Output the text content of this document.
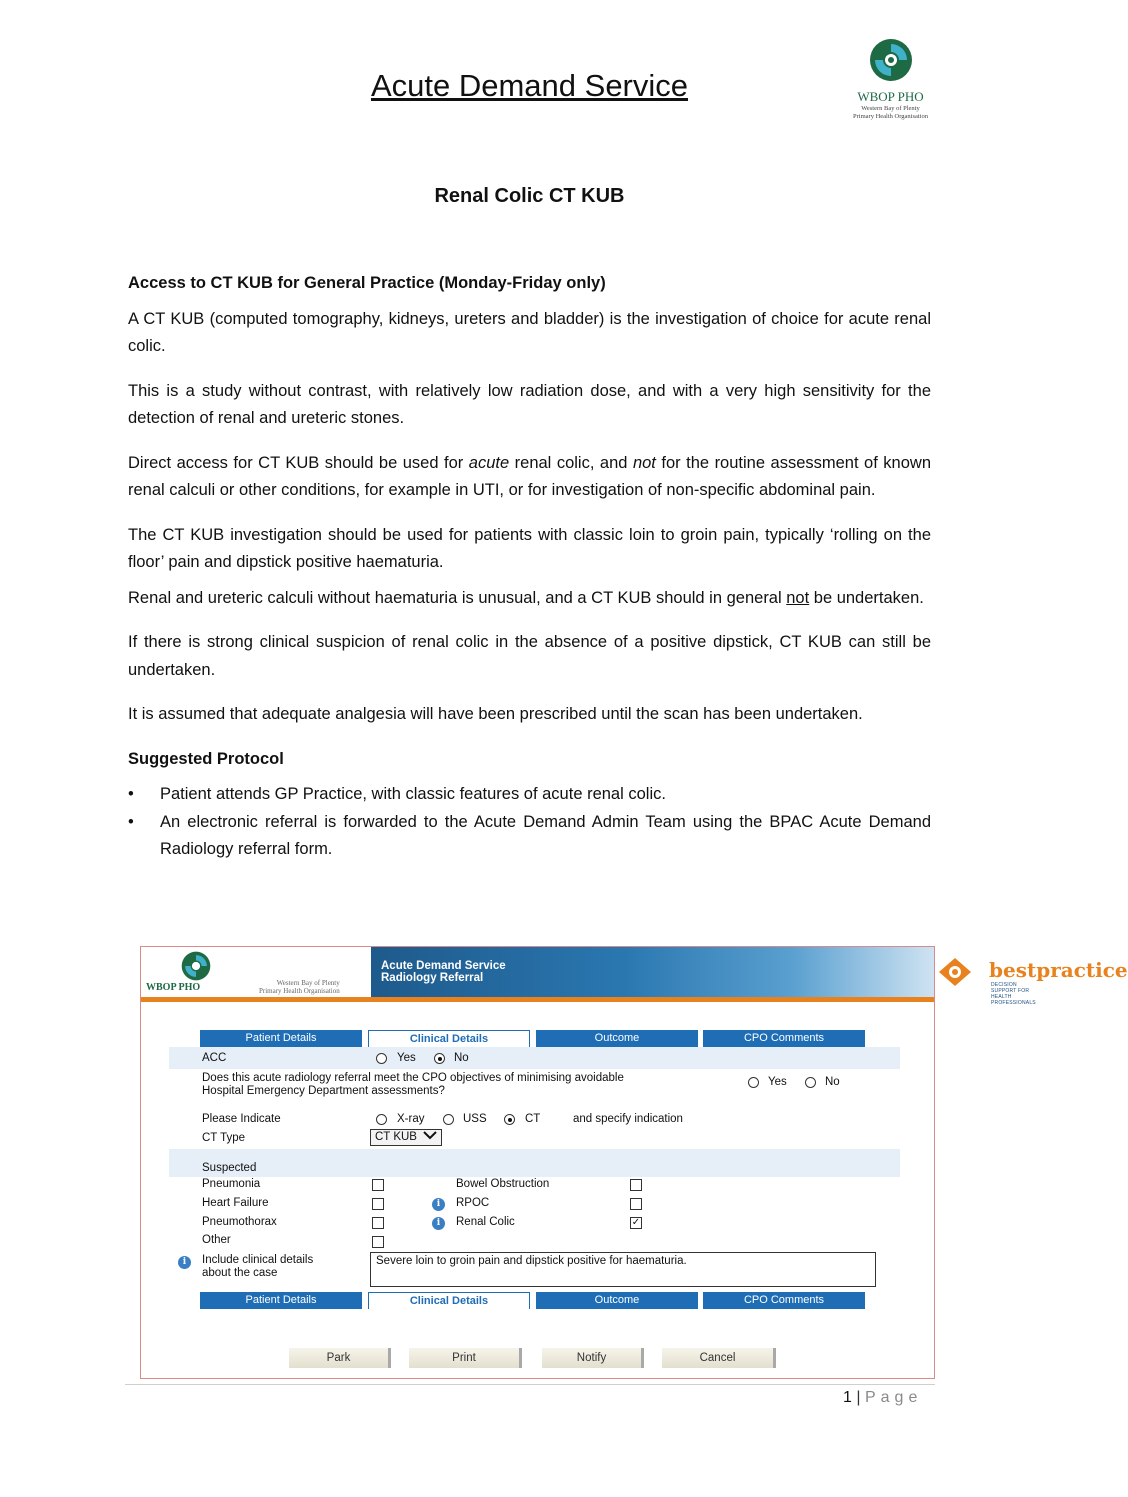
Acute Demand Service	WBOP PHO
Western Bay of Plenty
Primary Health Organisation
Renal Colic CT KUB
Access to CT KUB for General Practice (Monday-Friday only)

A CT KUB (computed tomography, kidneys, ureters and bladder) is the investigation of choice for acute renal colic.

This is a study without contrast, with relatively low radiation dose, and with a very high sensitivity for the detection of renal and ureteric stones.

Direct access for CT KUB should be used for acute renal colic, and not for the routine assessment of known renal calculi or other conditions, for example in UTI, or for investigation of non-specific abdominal pain.

The CT KUB investigation should be used for patients with classic loin to groin pain, typically ‘rolling on the floor’ pain and dipstick positive haematuria.

Renal and ureteric calculi without haematuria is unusual, and a CT KUB should in general not be undertaken.

If there is strong clinical suspicion of renal colic in the absence of a positive dipstick, CT KUB can still be undertaken.

It is assumed that adequate analgesia will have been prescribed until the scan has been undertaken.

Suggested Protocol
• Patient attends GP Practice, with classic features of acute renal colic.
• An electronic referral is forwarded to the Acute Demand Admin Team using the BPAC Acute Demand Radiology referral form.
WBOP PHO	Western Bay of Plenty
Primary Health Organisation
Acute Demand Service
Radiology Referral	bestpractice
DECISION SUPPORT FOR HEALTH PROFESSIONALS
Patient Details	Clinical Details	Outcome	CPO Comments
ACC	Yes	No
Does this acute radiology referral meet the CPO objectives of minimising avoidable
Hospital Emergency Department assessments?
Yes	No
Please Indicate	X-ray	USS	CT	and specify indication
CT Type	CT KUB
Suspected
Pneumonia	Bowel Obstruction
Heart Failure	i	RPOC
Pneumothorax	i	Renal Colic	✓
Other
i	Include clinical details
about the case
Severe loin to groin pain and dipstick positive for haematuria.
Patient Details	Clinical Details	Outcome	CPO Comments
Park	Print	Notify	Cancel
1 | Page
